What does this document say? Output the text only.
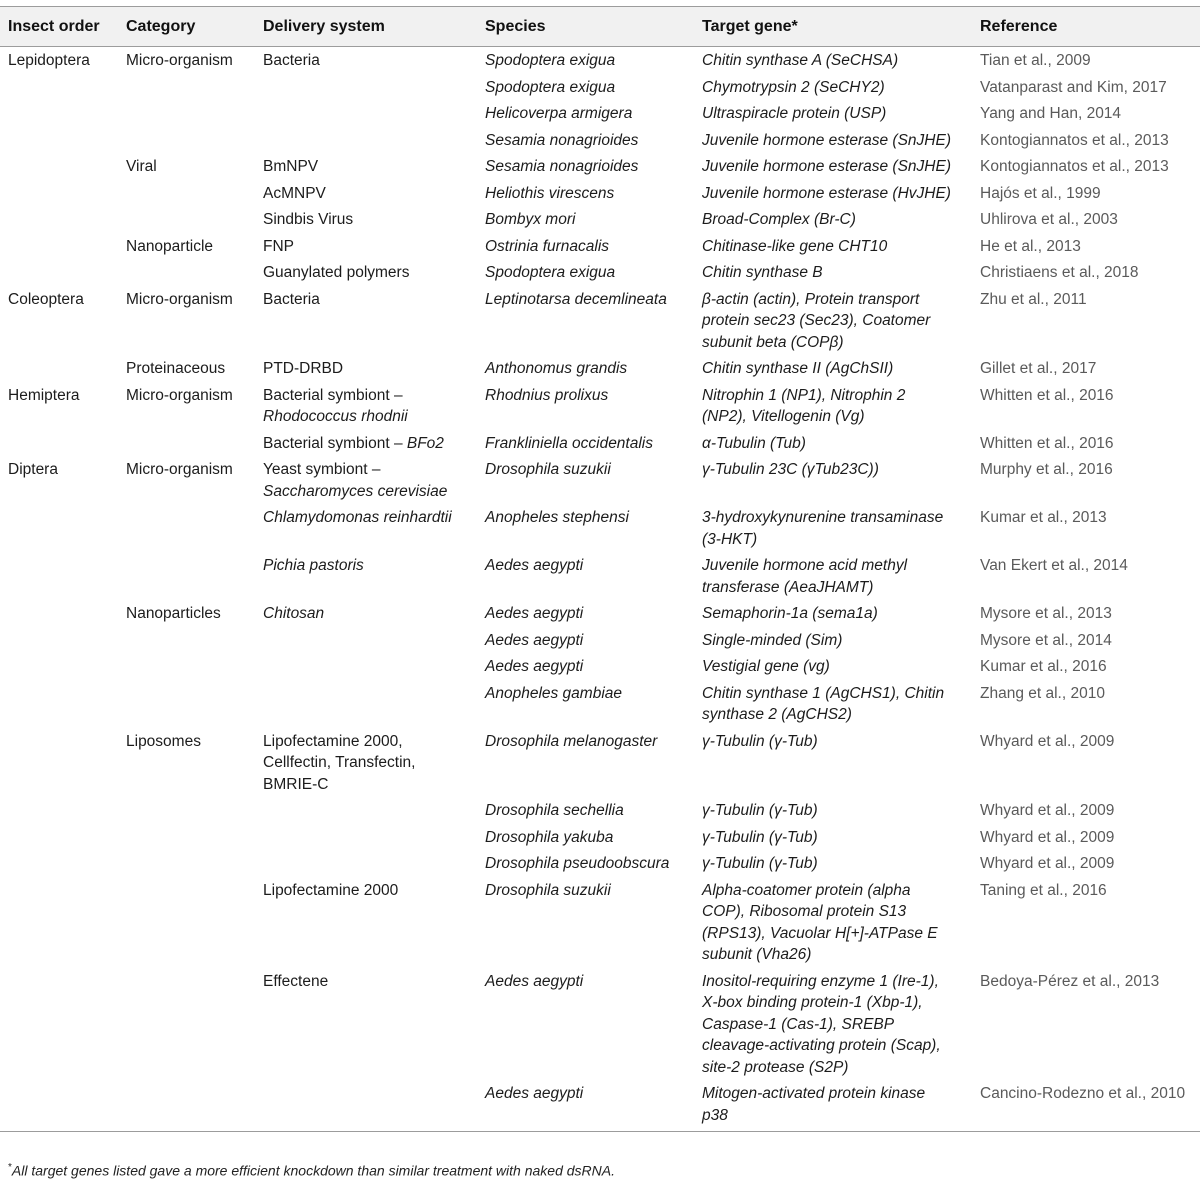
Insect order	Category	Delivery system	Species	Target gene*	Reference
Lepidoptera	Micro-organism	Bacteria	Spodoptera exigua	Chitin synthase A (SeCHSA)	Tian et al., 2009
			Spodoptera exigua	Chymotrypsin 2 (SeCHY2)	Vatanparast and Kim, 2017
			Helicoverpa armigera	Ultraspiracle protein (USP)	Yang and Han, 2014
			Sesamia nonagrioides	Juvenile hormone esterase (SnJHE)	Kontogiannatos et al., 2013
	Viral	BmNPV	Sesamia nonagrioides	Juvenile hormone esterase (SnJHE)	Kontogiannatos et al., 2013
		AcMNPV	Heliothis virescens	Juvenile hormone esterase (HvJHE)	Hajós et al., 1999
		Sindbis Virus	Bombyx mori	Broad-Complex (Br-C)	Uhlirova et al., 2003
	Nanoparticle	FNP	Ostrinia furnacalis	Chitinase-like gene CHT10	He et al., 2013
		Guanylated polymers	Spodoptera exigua	Chitin synthase B	Christiaens et al., 2018
Coleoptera	Micro-organism	Bacteria	Leptinotarsa decemlineata	β-actin (actin), Protein transport
protein sec23 (Sec23), Coatomer
subunit beta (COPβ)	Zhu et al., 2011
	Proteinaceous	PTD-DRBD	Anthonomus grandis	Chitin synthase II (AgChSII)	Gillet et al., 2017
Hemiptera	Micro-organism	Bacterial symbiont –
Rhodococcus rhodnii	Rhodnius prolixus	Nitrophin 1 (NP1), Nitrophin 2
(NP2), Vitellogenin (Vg)	Whitten et al., 2016
		Bacterial symbiont – BFo2	Frankliniella occidentalis	α-Tubulin (Tub)	Whitten et al., 2016
Diptera	Micro-organism	Yeast symbiont –
Saccharomyces cerevisiae	Drosophila suzukii	γ-Tubulin 23C (γTub23C))	Murphy et al., 2016
		Chlamydomonas reinhardtii	Anopheles stephensi	3-hydroxykynurenine transaminase
(3-HKT)	Kumar et al., 2013
		Pichia pastoris	Aedes aegypti	Juvenile hormone acid methyl
transferase (AeaJHAMT)	Van Ekert et al., 2014
	Nanoparticles	Chitosan	Aedes aegypti	Semaphorin-1a (sema1a)	Mysore et al., 2013
			Aedes aegypti	Single-minded (Sim)	Mysore et al., 2014
			Aedes aegypti	Vestigial gene (vg)	Kumar et al., 2016
			Anopheles gambiae	Chitin synthase 1 (AgCHS1), Chitin
synthase 2 (AgCHS2)	Zhang et al., 2010
	Liposomes	Lipofectamine 2000,
Cellfectin, Transfectin,
BMRIE-C	Drosophila melanogaster	γ-Tubulin (γ-Tub)	Whyard et al., 2009
			Drosophila sechellia	γ-Tubulin (γ-Tub)	Whyard et al., 2009
			Drosophila yakuba	γ-Tubulin (γ-Tub)	Whyard et al., 2009
			Drosophila pseudoobscura	γ-Tubulin (γ-Tub)	Whyard et al., 2009
		Lipofectamine 2000	Drosophila suzukii	Alpha-coatomer protein (alpha
COP), Ribosomal protein S13
(RPS13), Vacuolar H[+]-ATPase E
subunit (Vha26)	Taning et al., 2016
		Effectene	Aedes aegypti	Inositol-requiring enzyme 1 (Ire-1),
X-box binding protein-1 (Xbp-1),
Caspase-1 (Cas-1), SREBP
cleavage-activating protein (Scap),
site-2 protease (S2P)	Bedoya-Pérez et al., 2013
			Aedes aegypti	Mitogen-activated protein kinase
p38	Cancino-Rodezno et al., 2010
*All target genes listed gave a more efficient knockdown than similar treatment with naked dsRNA.
